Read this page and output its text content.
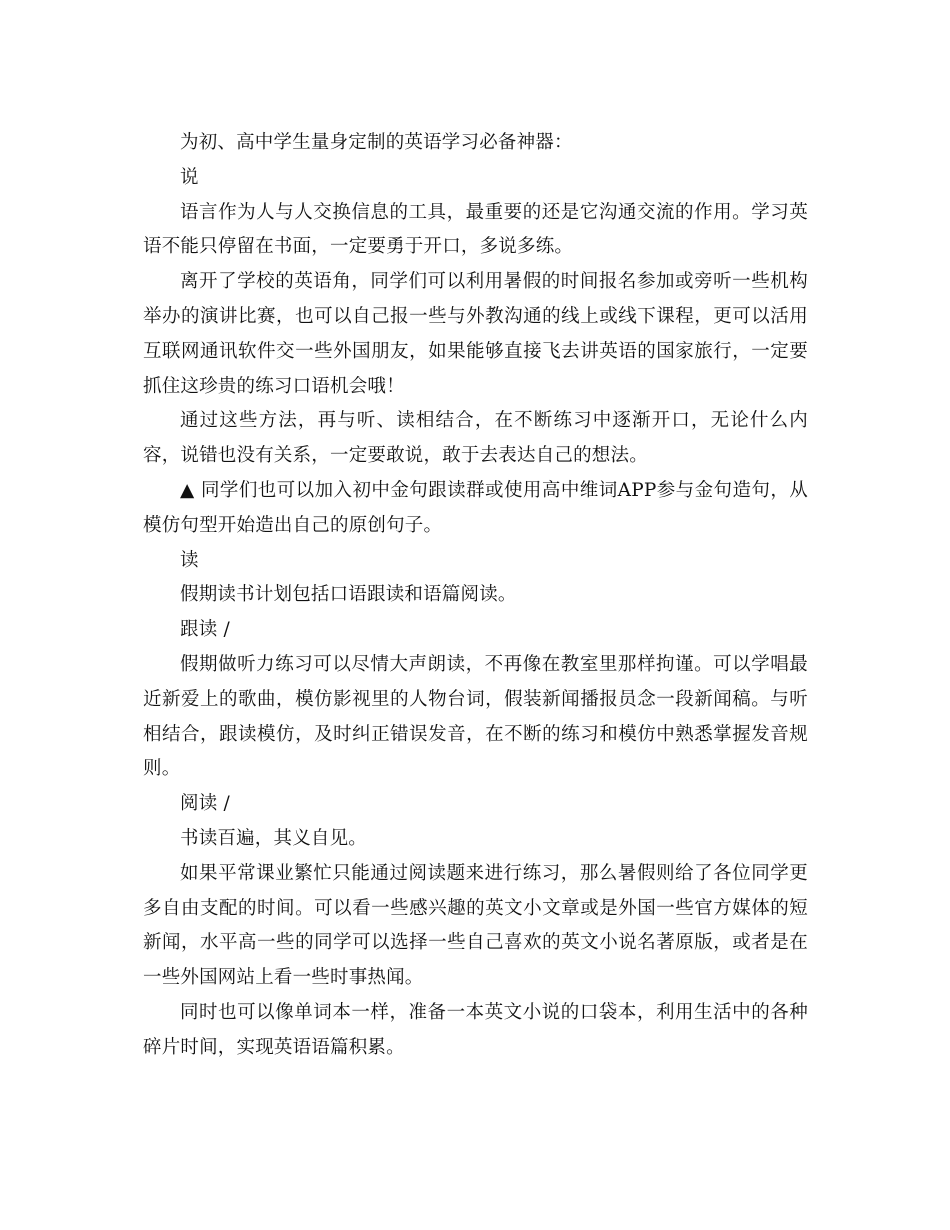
为初、高中学生量身定制的英语学习必备神器：

说

语言作为人与人交换信息的工具，最重要的还是它沟通交流的作用。学习英语不能只停留在书面，一定要勇于开口，多说多练。

离开了学校的英语角，同学们可以利用暑假的时间报名参加或旁听一些机构举办的演讲比赛，也可以自己报一些与外教沟通的线上或线下课程，更可以活用互联网通讯软件交一些外国朋友，如果能够直接飞去讲英语的国家旅行，一定要抓住这珍贵的练习口语机会哦！

通过这些方法，再与听、读相结合，在不断练习中逐渐开口，无论什么内容，说错也没有关系，一定要敢说，敢于去表达自己的想法。

▲ 同学们也可以加入初中金句跟读群或使用高中维词APP参与金句造句，从模仿句型开始造出自己的原创句子。

读

假期读书计划包括口语跟读和语篇阅读。

跟读 /

假期做听力练习可以尽情大声朗读，不再像在教室里那样拘谨。可以学唱最近新爱上的歌曲，模仿影视里的人物台词，假装新闻播报员念一段新闻稿。与听相结合，跟读模仿，及时纠正错误发音，在不断的练习和模仿中熟悉掌握发音规则。

阅读 /

书读百遍，其义自见。

如果平常课业繁忙只能通过阅读题来进行练习，那么暑假则给了各位同学更多自由支配的时间。可以看一些感兴趣的英文小文章或是外国一些官方媒体的短新闻，水平高一些的同学可以选择一些自己喜欢的英文小说名著原版，或者是在一些外国网站上看一些时事热闻。

同时也可以像单词本一样，准备一本英文小说的口袋本，利用生活中的各种碎片时间，实现英语语篇积累。
